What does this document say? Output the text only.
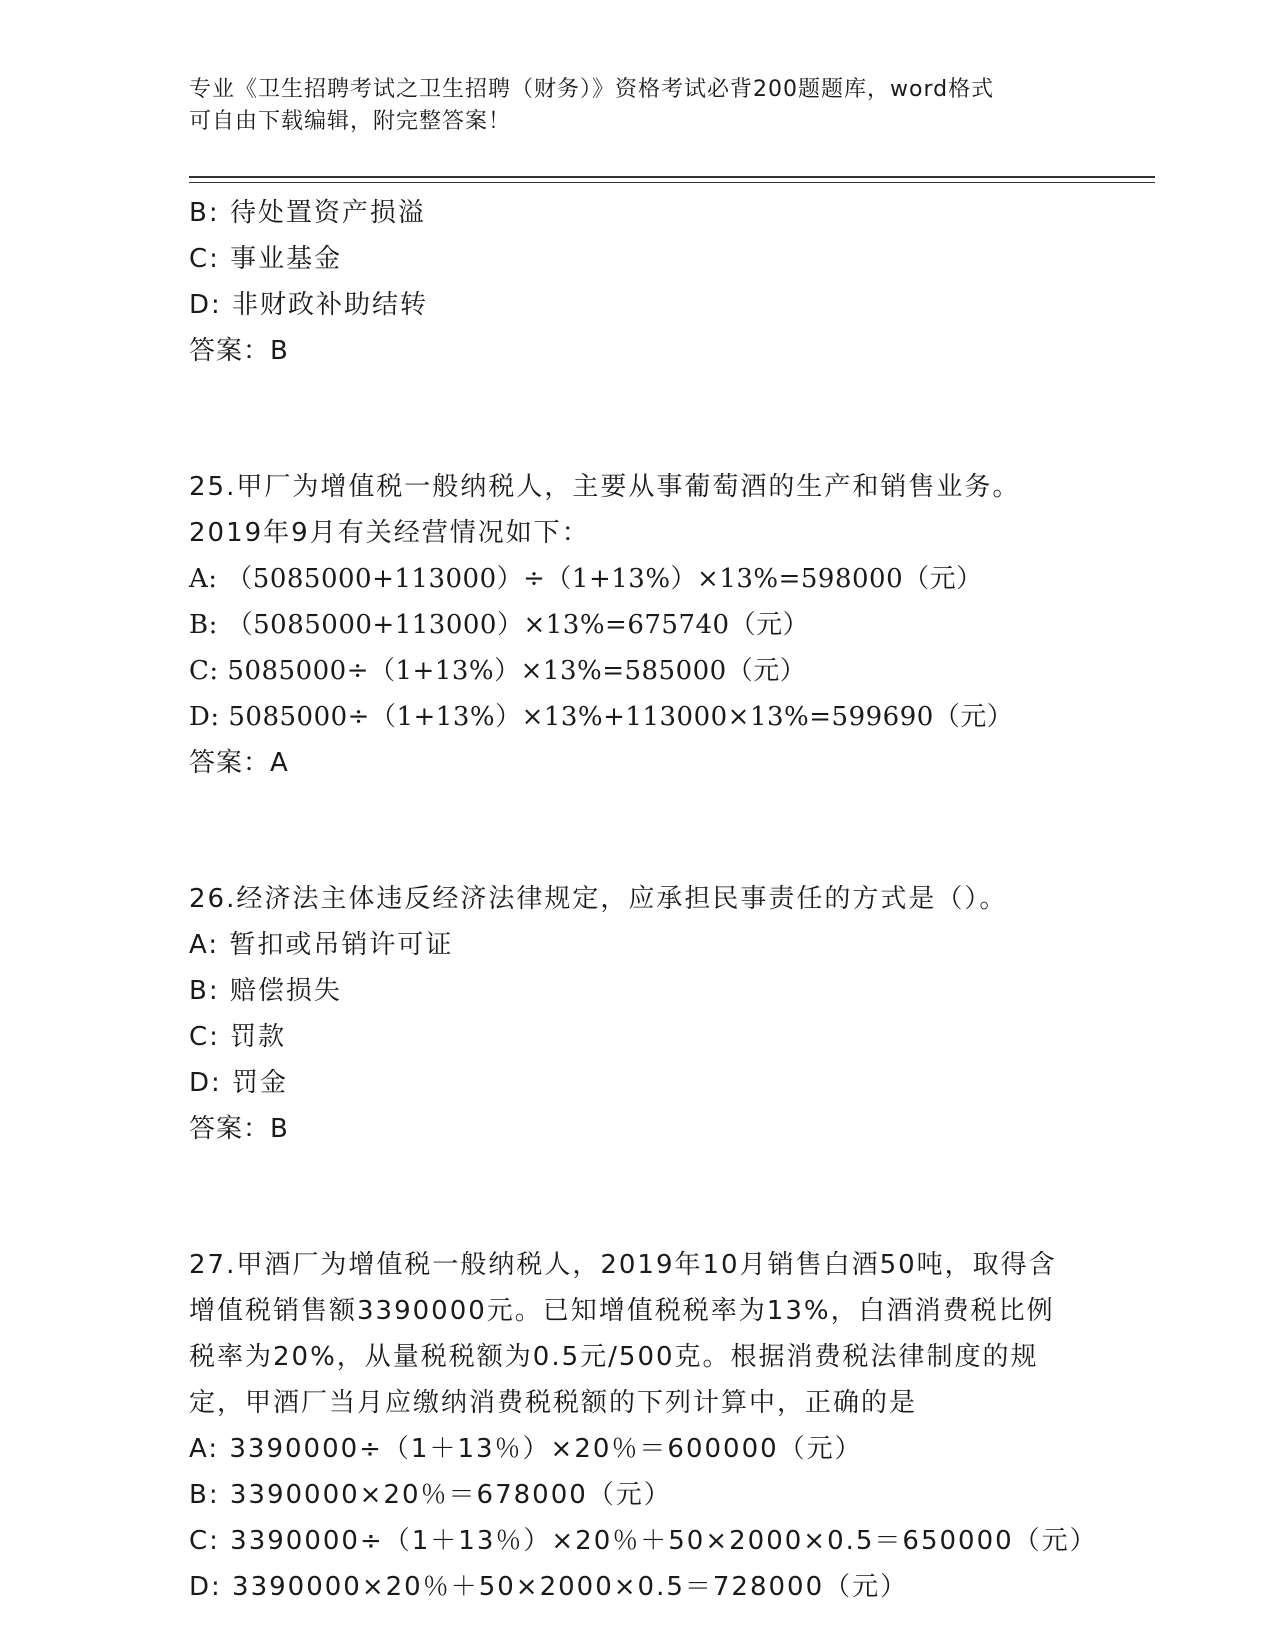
专业《卫生招聘考试之卫生招聘（财务）》资格考试必背200题题库，word格式
可自由下载编辑，附完整答案！
B: 待处置资产损溢
C: 事业基金
D: 非财政补助结转
答案：B
25.甲厂为增值税一般纳税人，主要从事葡萄酒的生产和销售业务。
2019年9月有关经营情况如下：
A: （5085000+113000）÷（1+13%）×13%=598000（元）
B: （5085000+113000）×13%=675740（元）
C: 5085000÷（1+13%）×13%=585000（元）
D: 5085000÷（1+13%）×13%+113000×13%=599690（元）
答案：A
26.经济法主体违反经济法律规定，应承担民事责任的方式是（）。
A: 暂扣或吊销许可证
B: 赔偿损失
C: 罚款
D: 罚金
答案：B
27.甲酒厂为增值税一般纳税人，2019年10月销售白酒50吨，取得含
增值税销售额3390000元。已知增值税税率为13%，白酒消费税比例
税率为20%，从量税税额为0.5元/500克。根据消费税法律制度的规
定，甲酒厂当月应缴纳消费税税额的下列计算中，正确的是
A: 3390000÷（1＋13％）×20％＝600000（元）
B: 3390000×20％＝678000（元）
C: 3390000÷（1＋13％）×20％＋50×2000×0.5＝650000（元）
D: 3390000×20％＋50×2000×0.5＝728000（元）
